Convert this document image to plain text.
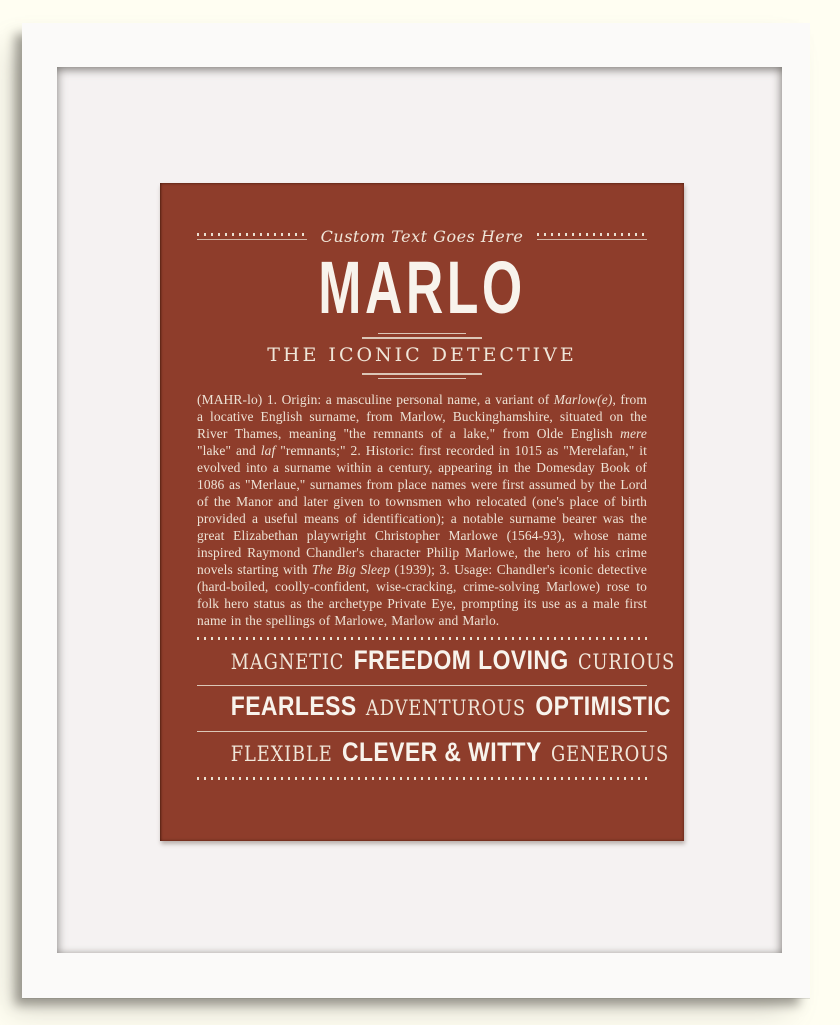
Custom Text Goes Here
MARLO
THE ICONIC DETECTIVE

(MAHR-lo) 1. Origin: a masculine personal name, a variant of Marlow(e), from a locative English surname, from Marlow, Buckinghamshire, situated on the River Thames, meaning "the remnants of a lake," from Olde English mere "lake" and laf "remnants;" 2. Historic: first recorded in 1015 as "Merelafan," it evolved into a surname within a century, appearing in the Domesday Book of 1086 as "Merlaue," surnames from place names were first assumed by the Lord of the Manor and later given to townsmen who relocated (one's place of birth provided a useful means of identification); a notable surname bearer was the great Elizabethan playwright Christopher Marlowe (1564-93), whose name inspired Raymond Chandler's character Philip Marlowe, the hero of his crime novels starting with The Big Sleep (1939); 3. Usage: Chandler's iconic detective (hard-boiled, coolly-confident, wise-cracking, crime-solving Marlowe) rose to folk hero status as the archetype Private Eye, prompting its use as a male first name in the spellings of Marlowe, Marlow and Marlo.

MAGNETIC FREEDOM LOVING CURIOUS
FEARLESS ADVENTUROUS OPTIMISTIC
FLEXIBLE CLEVER & WITTY GENEROUS
